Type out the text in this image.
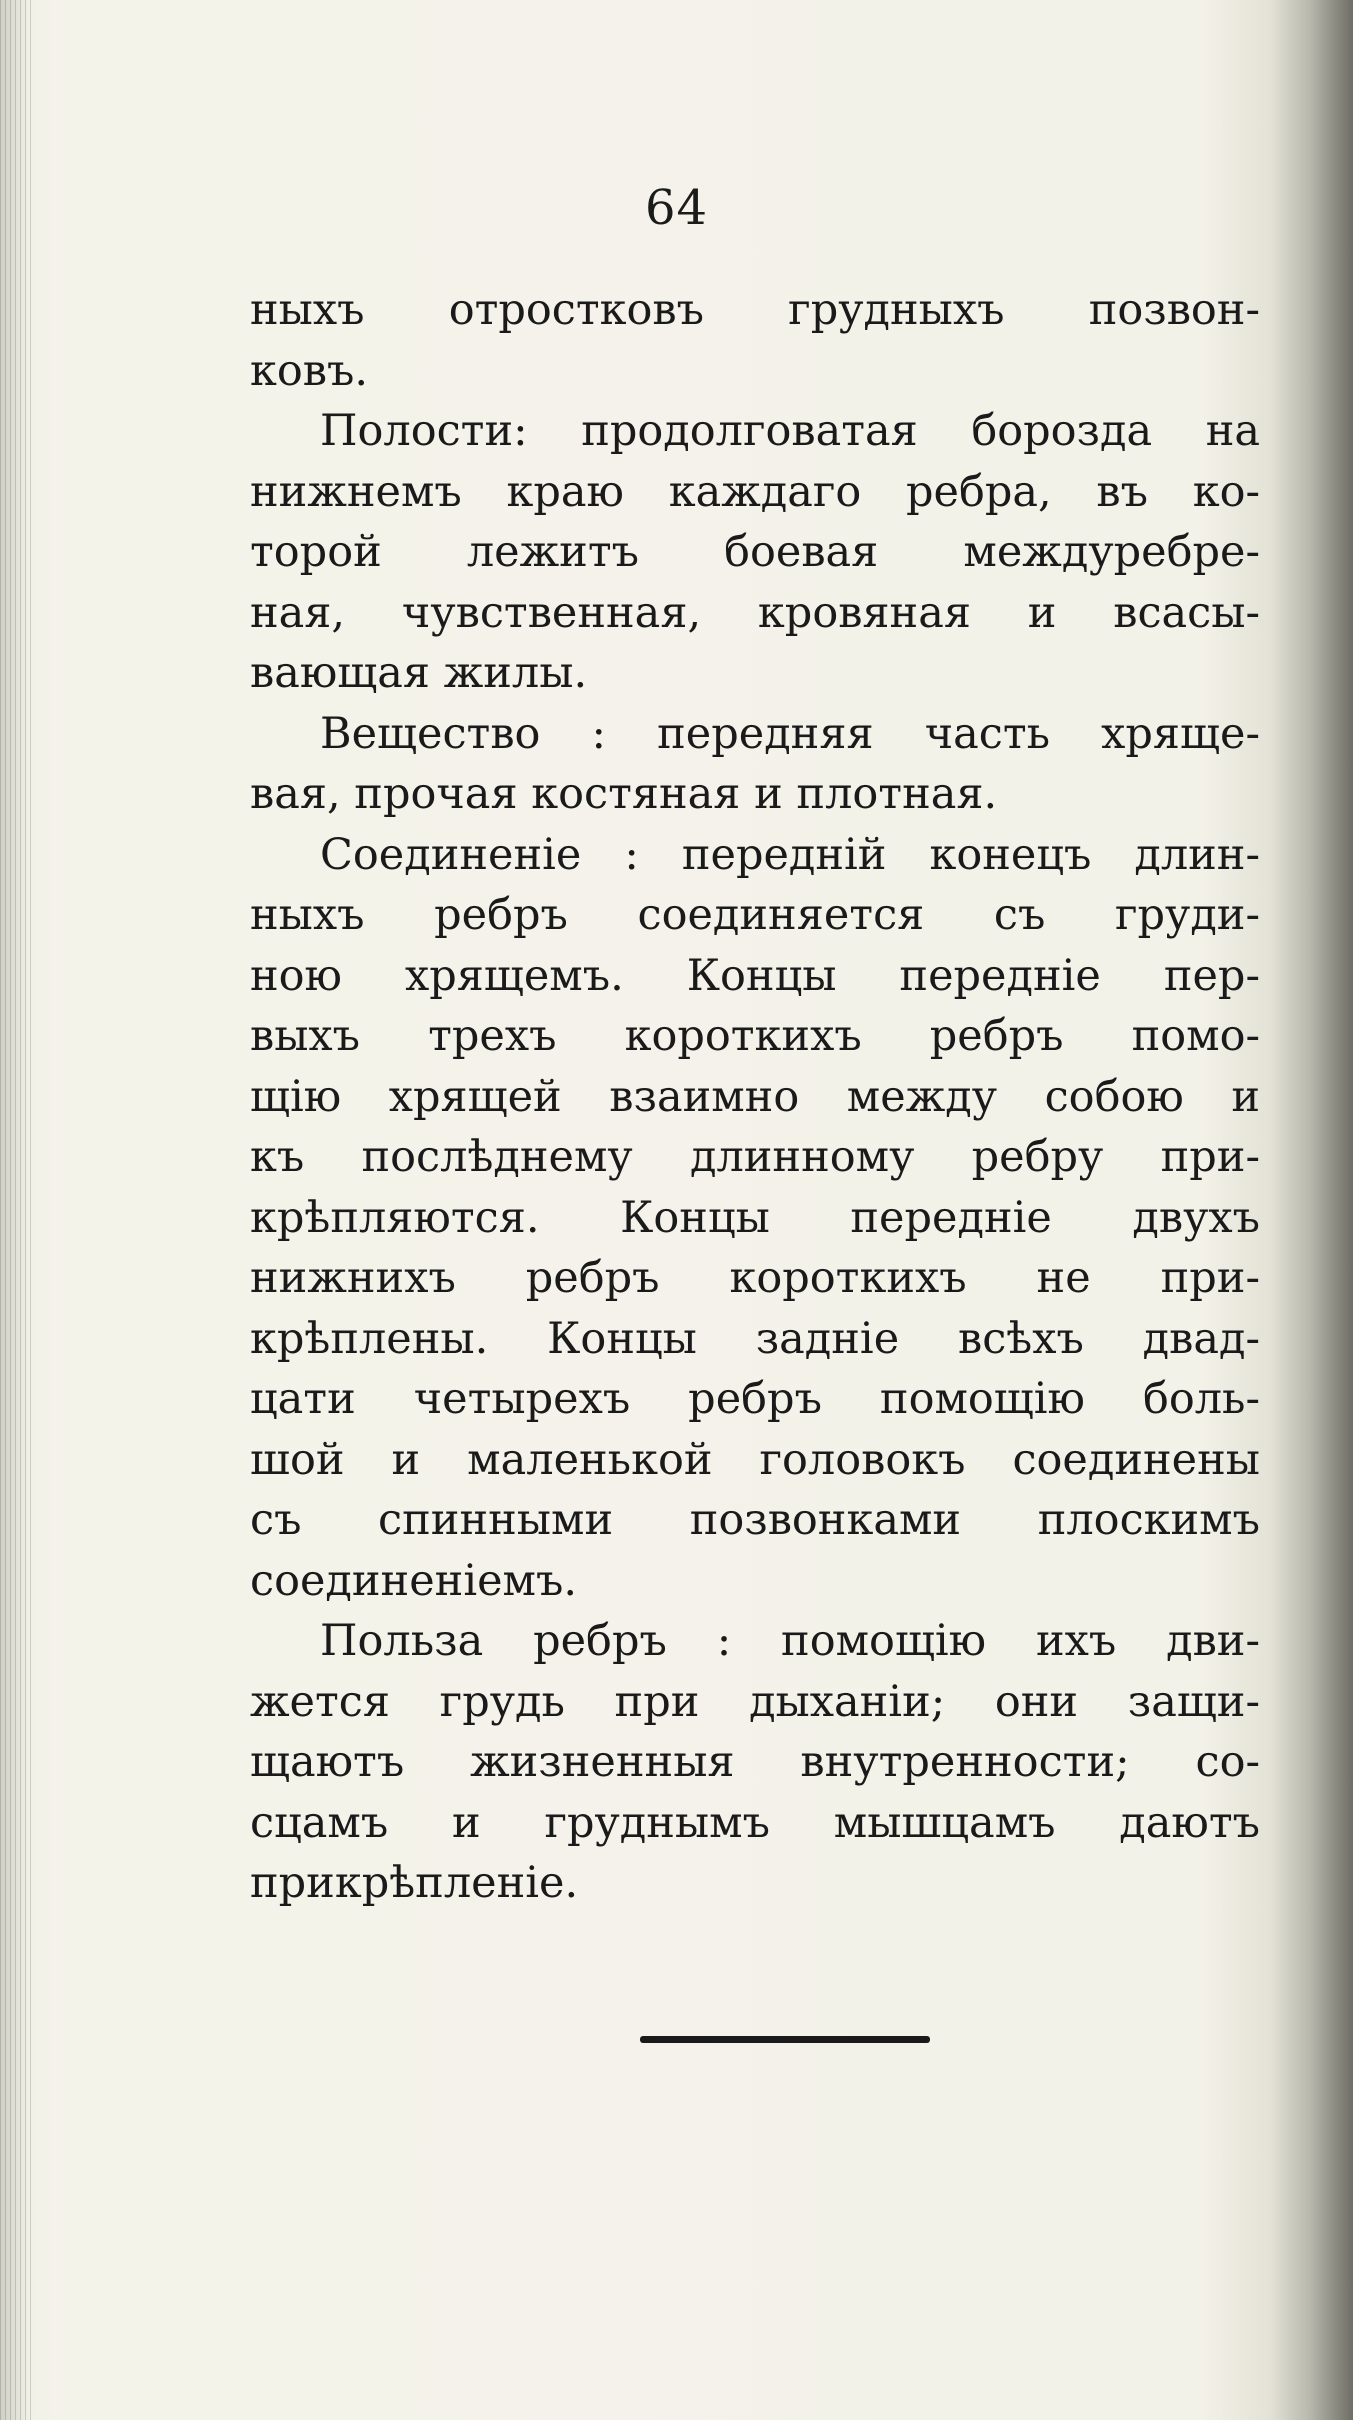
64
ныхъ отростковъ грудныхъ позвон-
ковъ.
Полости: продолговатая борозда на
нижнемъ краю каждаго ребра, въ ко-
торой лежитъ боевая междуребре-
ная, чувственная, кровяная и всасы-
вающая жилы.
Вещество : передняя часть хряще-
вая, прочая костяная и плотная.
Соединеніе : передній конецъ длин-
ныхъ ребръ соединяется съ груди-
ною хрящемъ. Концы передніе пер-
выхъ трехъ короткихъ ребръ помо-
щію хрящей взаимно между собою и
къ послѣднему длинному ребру при-
крѣпляются. Концы передніе двухъ
нижнихъ ребръ короткихъ не при-
крѣплены. Концы задніе всѣхъ двад-
цати четырехъ ребръ помощію боль-
шой и маленькой головокъ соединены
съ спинными позвонками плоскимъ
соединеніемъ.
Польза ребръ : помощію ихъ дви-
жется грудь при дыханіи; они защи-
щаютъ жизненныя внутренности; со-
сцамъ и груднымъ мышцамъ даютъ
прикрѣпленіе.
